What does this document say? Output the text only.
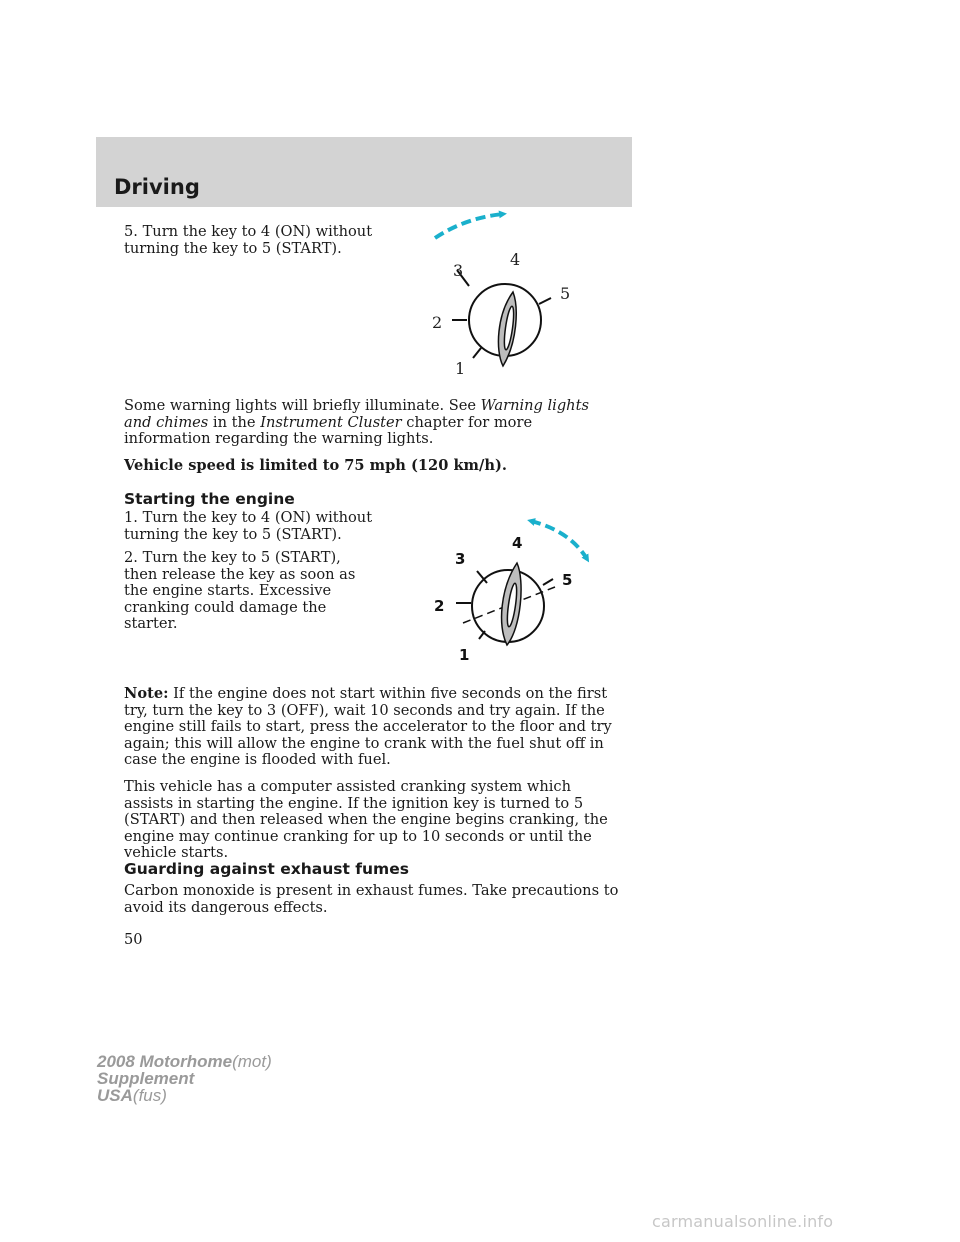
Driving

5. Turn the key to 4 (ON) without turning the key to 5 (START).

3
4
5
2
1

Some warning lights will briefly illuminate. See Warning lights and chimes in the Instrument Cluster chapter for more information regarding the warning lights.

Vehicle speed is limited to 75 mph (120 km/h).

Starting the engine

1. Turn the key to 4 (ON) without turning the key to 5 (START).

2. Turn the key to 5 (START), then release the key as soon as the engine starts. Excessive cranking could damage the starter.

3
4
5
2
1

Note: If the engine does not start within five seconds on the first try, turn the key to 3 (OFF), wait 10 seconds and try again. If the engine still fails to start, press the accelerator to the floor and try again; this will allow the engine to crank with the fuel shut off in case the engine is flooded with fuel.

This vehicle has a computer assisted cranking system which assists in starting the engine. If the ignition key is turned to 5 (START) and then released when the engine begins cranking, the engine may continue cranking for up to 10 seconds or until the vehicle starts.

Guarding against exhaust fumes

Carbon monoxide is present in exhaust fumes. Take precautions to avoid its dangerous effects.

50

2008 Motorhome(mot)
Supplement
USA(fus)
carmanualsonline.info
